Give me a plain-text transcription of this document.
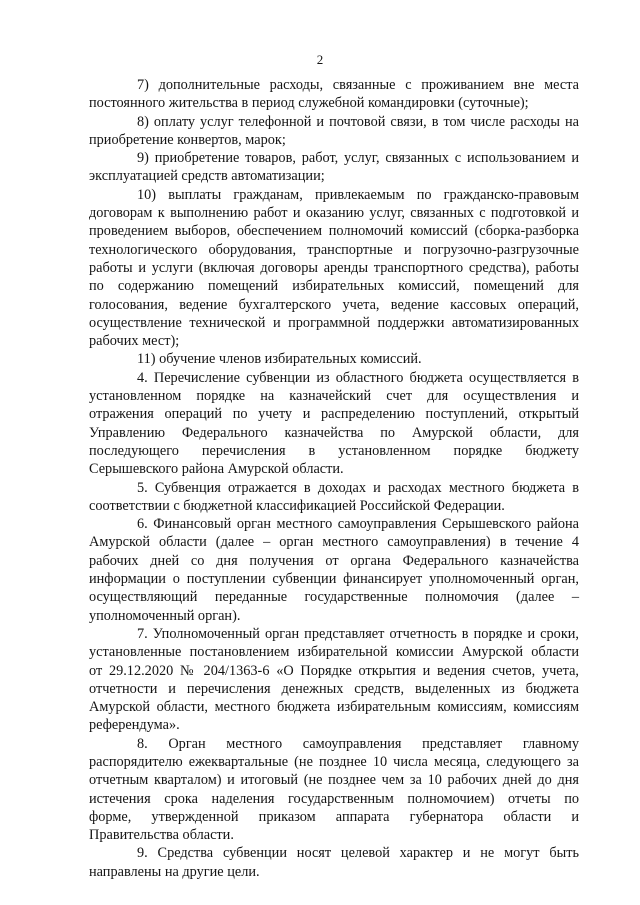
2
7) дополнительные расходы, связанные с проживанием вне места
постоянного жительства в период служебной командировки (суточные);
8) оплату услуг телефонной и почтовой связи, в том числе расходы на
приобретение конвертов, марок;
9) приобретение товаров, работ, услуг, связанных с использованием и
эксплуатацией средств автоматизации;
10) выплаты гражданам, привлекаемым по гражданско-правовым
договорам к выполнению работ и оказанию услуг, связанных с подготовкой и
проведением выборов, обеспечением полномочий комиссий (сборка-разборка
технологического оборудования, транспортные и погрузочно-разгрузочные
работы и услуги (включая договоры аренды транспортного средства), работы
по содержанию помещений избирательных комиссий, помещений для
голосования, ведение бухгалтерского учета, ведение кассовых операций,
осуществление технической и программной поддержки автоматизированных
рабочих мест);
11) обучение членов избирательных комиссий.
4. Перечисление субвенции из областного бюджета осуществляется в
установленном порядке на казначейский счет для осуществления и
отражения операций по учету и распределению поступлений, открытый
Управлению Федерального казначейства по Амурской области, для
последующего перечисления в установленном порядке бюджету
Серышевского района Амурской области.
5. Субвенция отражается в доходах и расходах местного бюджета в
соответствии с бюджетной классификацией Российской Федерации.
6. Финансовый орган местного самоуправления Серышевского района
Амурской области (далее – орган местного самоуправления) в течение 4
рабочих дней со дня получения от органа Федерального казначейства
информации о поступлении субвенции финансирует уполномоченный орган,
осуществляющий переданные государственные полномочия (далее –
уполномоченный орган).
7. Уполномоченный орган представляет отчетность в порядке и сроки,
установленные постановлением избирательной комиссии Амурской области
от 29.12.2020 № 204/1363-6 «О Порядке открытия и ведения счетов, учета,
отчетности и перечисления денежных средств, выделенных из бюджета
Амурской области, местного бюджета избирательным комиссиям, комиссиям
референдума».
8. Орган местного самоуправления представляет главному
распорядителю ежеквартальные (не позднее 10 числа месяца, следующего за
отчетным кварталом) и итоговый (не позднее чем за 10 рабочих дней до дня
истечения срока наделения государственным полномочием) отчеты по
форме, утвержденной приказом аппарата губернатора области и
Правительства области.
9. Средства субвенции носят целевой характер и не могут быть
направлены на другие цели.
